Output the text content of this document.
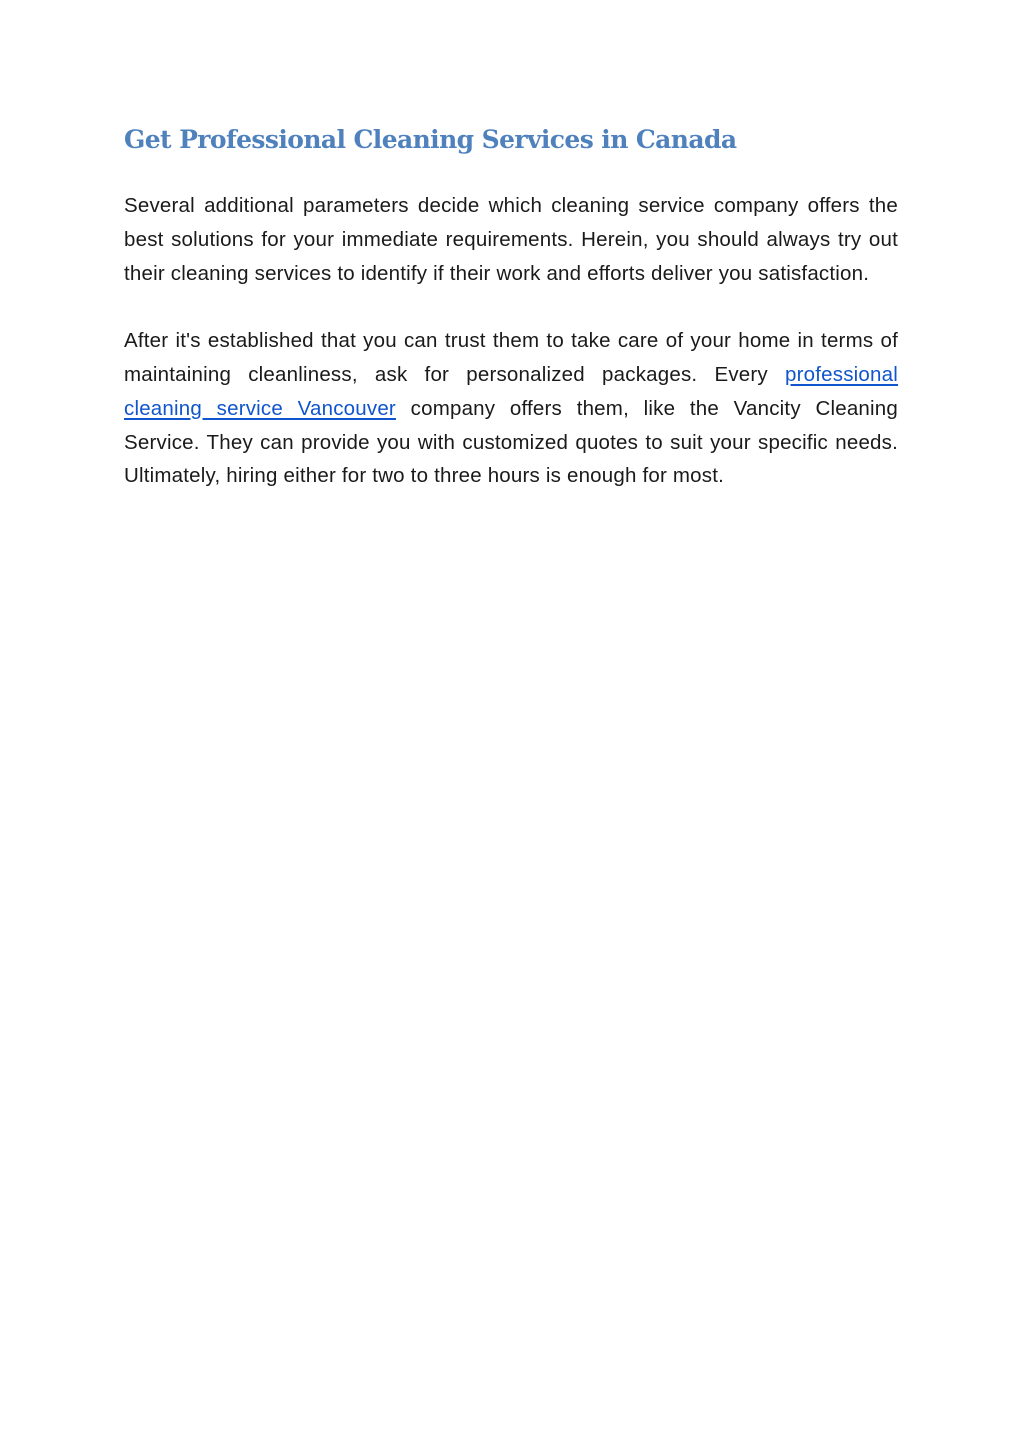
Get Professional Cleaning Services in Canada

Several additional parameters decide which cleaning service company offers the best solutions for your immediate requirements. Herein, you should always try out their cleaning services to identify if their work and efforts deliver you satisfaction.

After it's established that you can trust them to take care of your home in terms of maintaining cleanliness, ask for personalized packages. Every professional cleaning service Vancouver company offers them, like the Vancity Cleaning Service. They can provide you with customized quotes to suit your specific needs. Ultimately, hiring either for two to three hours is enough for most.
